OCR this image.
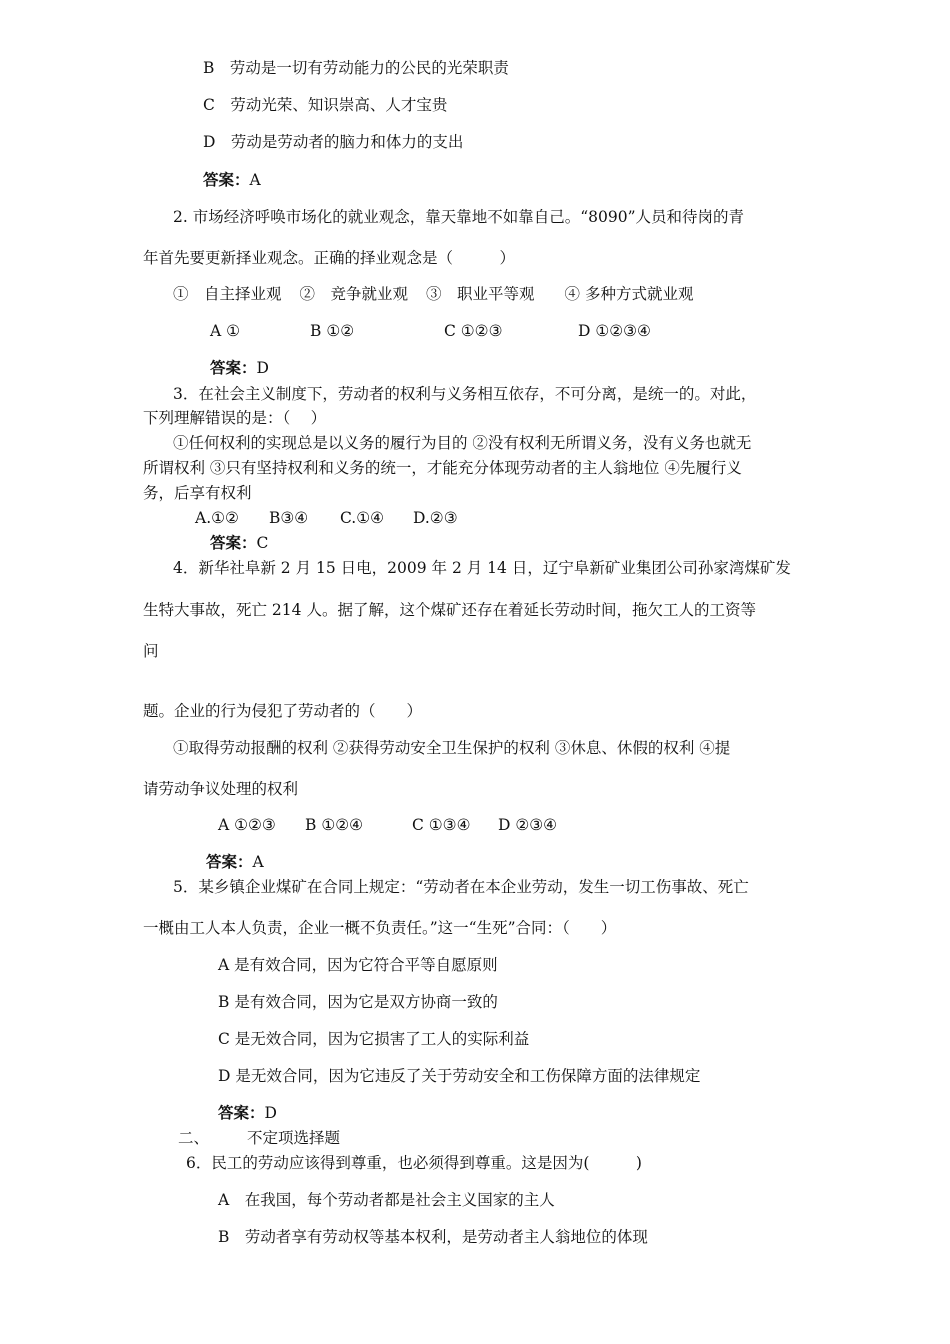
B　劳动是一切有劳动能力的公民的光荣职责
C　劳动光荣、知识崇高、人才宝贵
D　劳动是劳动者的脑力和体力的支出
答案：A
2. 市场经济呼唤市场化的就业观念，靠天靠地不如靠自己。“8090”人员和待岗的青
年首先要更新择业观念。正确的择业观念是（　　　）
①　自主择业观 ②　竞争就业观 ③　职业平等观 ④ 多种方式就业观
A ①	B ①②	C ①②③	D ①②③④
答案：D
3．在社会主义制度下，劳动者的权利与义务相互依存，不可分离，是统一的。对此，
下列理解错误的是：（　 ）
①任何权利的实现总是以义务的履行为目的 ②没有权利无所谓义务，没有义务也就无
所谓权利 ③只有坚持权利和义务的统一，才能充分体现劳动者的主人翁地位 ④先履行义
务，后享有权利
A.①② B③④ C.①④ D.②③
答案：C
4．新华社阜新 2 月 15 日电，2009 年 2 月 14 日，辽宁阜新矿业集团公司孙家湾煤矿发
生特大事故，死亡 214 人。据了解，这个煤矿还存在着延长劳动时间，拖欠工人的工资等
问
题。企业的行为侵犯了劳动者的（　　）
①取得劳动报酬的权利 ②获得劳动安全卫生保护的权利 ③休息、休假的权利 ④提
请劳动争议处理的权利
A ①②③ B ①②④	C ①③④ D ②③④
答案：A
5．某乡镇企业煤矿在合同上规定：“劳动者在本企业劳动，发生一切工伤事故、死亡
一概由工人本人负责，企业一概不负责任。”这一“生死”合同：（　　）
A 是有效合同，因为它符合平等自愿原则
B 是有效合同，因为它是双方协商一致的
C 是无效合同，因为它损害了工人的实际利益
D 是无效合同，因为它违反了关于劳动安全和工伤保障方面的法律规定
答案：D
二、 不定项选择题
6．民工的劳动应该得到尊重，也必须得到尊重。这是因为(　　　)
A　在我国，每个劳动者都是社会主义国家的主人
B　劳动者享有劳动权等基本权利，是劳动者主人翁地位的体现
